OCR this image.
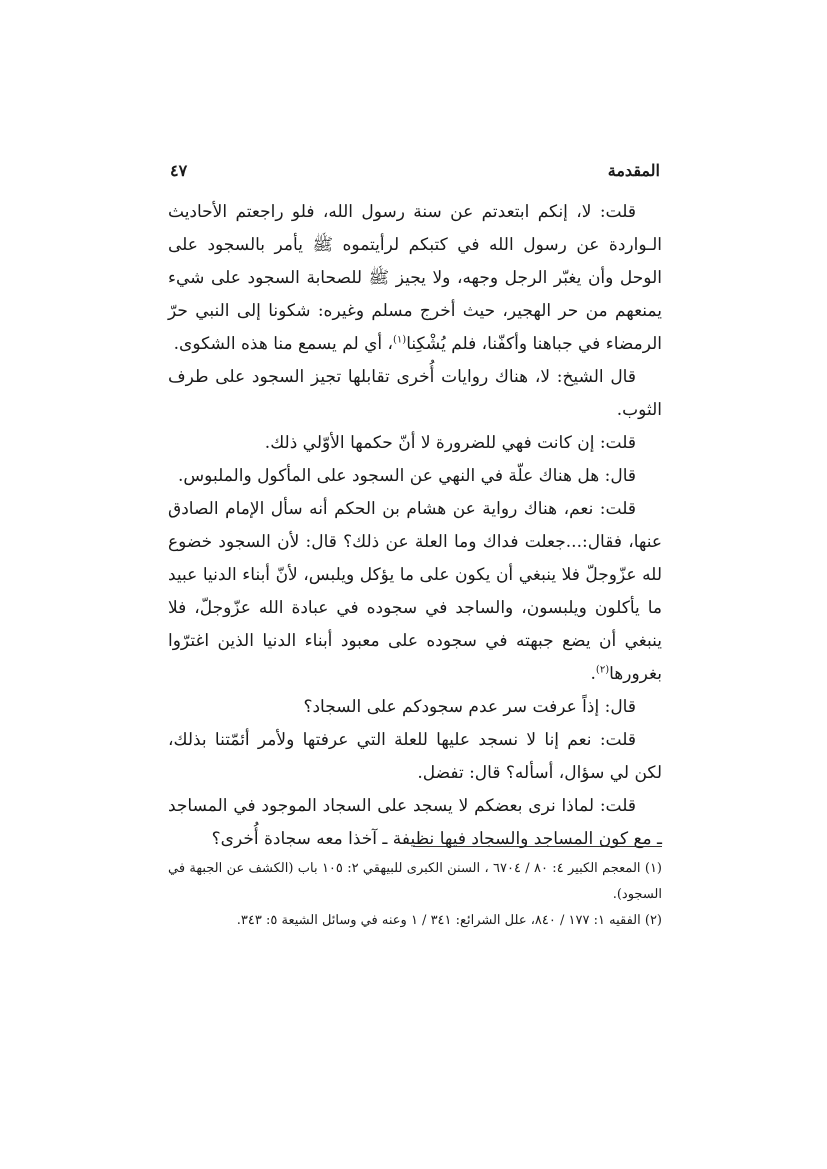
المقدمة
٤٧

قلت: لا، إنكم ابتعدتم عن سنة رسول الله، فلو راجعتم الأحاديث الـواردة عن رسول الله في كتبكم لرأيتموه ﷺ يأمر بالسجود على الوحل وأن يغبّر الرجل وجهه، ولا يجيز ﷺ للصحابة السجود على شيء يمنعهم من حر الهجير، حيث أخرج مسلم وغيره: شكونا إلى النبي حرّ الرمضاء في جباهنا وأكفّنا، فلم يُشْكِنا$^{(١)}$، أي لم يسمع منا هذه الشكوى.

قال الشيخ: لا، هناك روايات أُخرى تقابلها تجيز السجود على طرف الثوب.

قلت: إن كانت فهي للضرورة لا أنّ حكمها الأوّلي ذلك.

قال: هل هناك علّة في النهي عن السجود على المأكول والملبوس.

قلت: نعم، هناك رواية عن هشام بن الحكم أنه سأل الإمام الصادق عنها، فقال:...جعلت فداك وما العلة عن ذلك؟ قال: لأن السجود خضوع لله عزّوجلّ فلا ينبغي أن يكون على ما يؤكل ويلبس، لأنّ أبناء الدنيا عبيد ما يأكلون ويلبسون، والساجد في سجوده في عبادة الله عزّوجلّ، فلا ينبغي أن يضع جبهته في سجوده على معبود أبناء الدنيا الذين اغترّوا بغرورها$^{(٢)}$.

قال: إذاً عرفت سر عدم سجودكم على السجاد؟

قلت: نعم إنا لا نسجد عليها للعلة التي عرفتها ولأمر أئمّتنا بذلك، لكن لي سؤال، أسأله؟ قال: تفضل.

قلت: لماذا نرى بعضكم لا يسجد على السجاد الموجود في المساجد ـ مع كون المساجد والسجاد فيها نظيفة ـ آخذا معه سجادة أُخرى؟

(١) المعجم الكبير ٤: ٨٠ / ٦٧٠٤ ، السنن الكبرى للبيهقي ٢: ١٠٥ باب (الكشف عن الجبهة في السجود).

(٢) الفقيه ١: ١٧٧ / ٨٤٠، علل الشرائع: ٣٤١ / ١ وعنه في وسائل الشيعة ٥: ٣٤٣.
